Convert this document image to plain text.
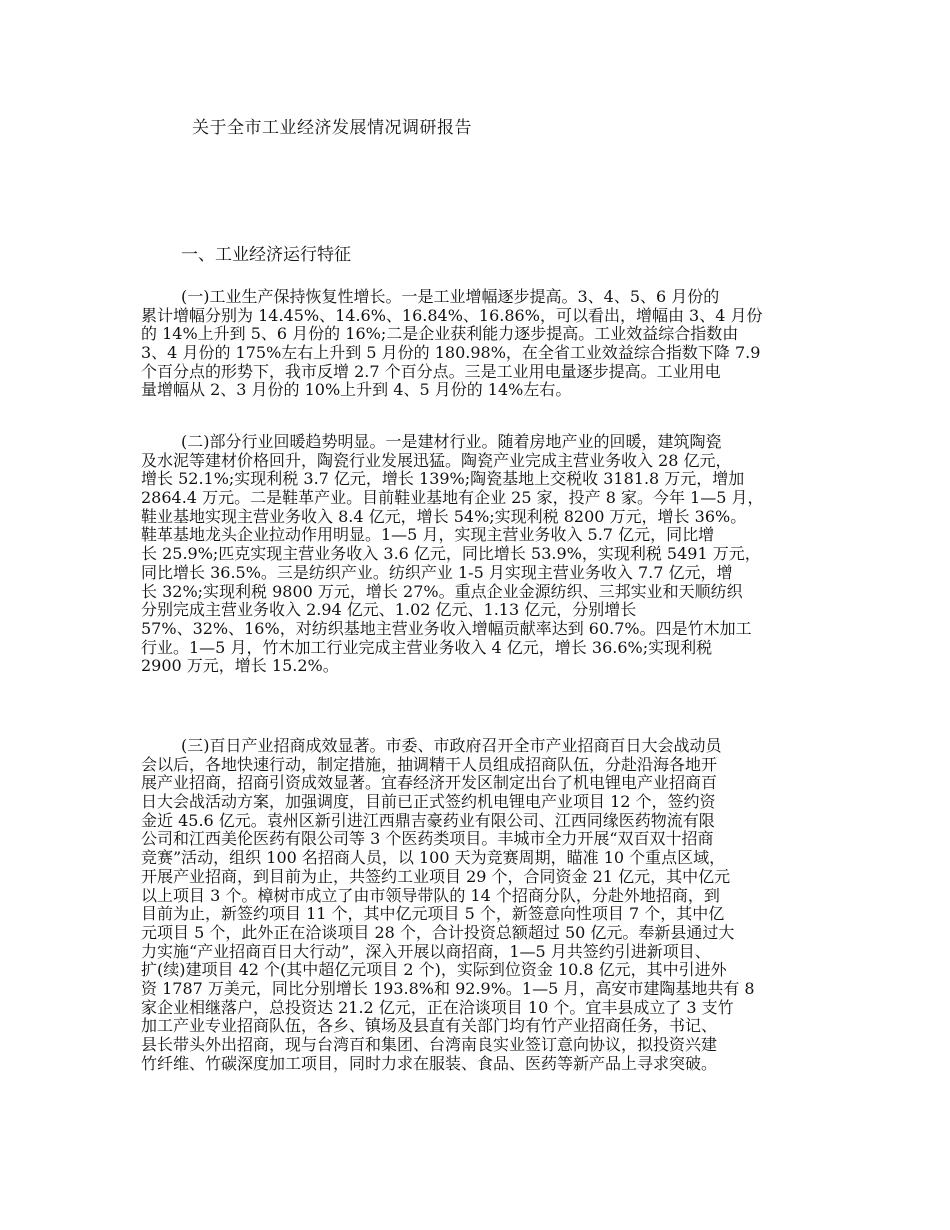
关于全市工业经济发展情况调研报告
一、工业经济运行特征
(一)工业生产保持恢复性增长。一是工业增幅逐步提高。3、4、5、6 月份的
累计增幅分别为 14.45%、14.6%、16.84%、16.86%，可以看出，增幅由 3、4 月份
的 14%上升到 5、6 月份的 16%;二是企业获利能力逐步提高。工业效益综合指数由
3、4 月份的 175%左右上升到 5 月份的 180.98%，在全省工业效益综合指数下降 7.9
个百分点的形势下，我市反增 2.7 个百分点。三是工业用电量逐步提高。工业用电
量增幅从 2、3 月份的 10%上升到 4、5 月份的 14%左右。
(二)部分行业回暖趋势明显。一是建材行业。随着房地产业的回暖，建筑陶瓷
及水泥等建材价格回升，陶瓷行业发展迅猛。陶瓷产业完成主营业务收入 28 亿元，
增长 52.1%;实现利税 3.7 亿元，增长 139%;陶瓷基地上交税收 3181.8 万元，增加
2864.4 万元。二是鞋革产业。目前鞋业基地有企业 25 家，投产 8 家。今年 1—5 月，
鞋业基地实现主营业务收入 8.4 亿元，增长 54%;实现利税 8200 万元，增长 36%。
鞋革基地龙头企业拉动作用明显。1—5 月，实现主营业务收入 5.7 亿元，同比增
长 25.9%;匹克实现主营业务收入 3.6 亿元，同比增长 53.9%，实现利税 5491 万元，
同比增长 36.5%。三是纺织产业。纺织产业 1-5 月实现主营业务收入 7.7 亿元，增
长 32%;实现利税 9800 万元，增长 27%。重点企业金源纺织、三邦实业和天顺纺织
分别完成主营业务收入 2.94 亿元、1.02 亿元、1.13 亿元，分别增长
57%、32%、16%，对纺织基地主营业务收入增幅贡献率达到 60.7%。四是竹木加工
行业。1—5 月，竹木加工行业完成主营业务收入 4 亿元，增长 36.6%;实现利税
2900 万元，增长 15.2%。
(三)百日产业招商成效显著。市委、市政府召开全市产业招商百日大会战动员
会以后，各地快速行动，制定措施，抽调精干人员组成招商队伍，分赴沿海各地开
展产业招商，招商引资成效显著。宜春经济开发区制定出台了机电锂电产业招商百
日大会战活动方案，加强调度，目前已正式签约机电锂电产业项目 12 个，签约资
金近 45.6 亿元。袁州区新引进江西鼎吉豪药业有限公司、江西同缘医药物流有限
公司和江西美伦医药有限公司等 3 个医药类项目。丰城市全力开展“双百双十招商
竞赛”活动，组织 100 名招商人员，以 100 天为竞赛周期，瞄准 10 个重点区域，
开展产业招商，到目前为止，共签约工业项目 29 个，合同资金 21 亿元，其中亿元
以上项目 3 个。樟树市成立了由市领导带队的 14 个招商分队，分赴外地招商，到
目前为止，新签约项目 11 个，其中亿元项目 5 个，新签意向性项目 7 个，其中亿
元项目 5 个，此外正在洽谈项目 28 个，合计投资总额超过 50 亿元。奉新县通过大
力实施“产业招商百日大行动”，深入开展以商招商，1—5 月共签约引进新项目、
扩(续)建项目 42 个(其中超亿元项目 2 个)，实际到位资金 10.8 亿元，其中引进外
资 1787 万美元，同比分别增长 193.8%和 92.9%。1—5 月，高安市建陶基地共有 8
家企业相继落户，总投资达 21.2 亿元，正在洽谈项目 10 个。宜丰县成立了 3 支竹
加工产业专业招商队伍，各乡、镇场及县直有关部门均有竹产业招商任务，书记、
县长带头外出招商，现与台湾百和集团、台湾南良实业签订意向协议，拟投资兴建
竹纤维、竹碳深度加工项目，同时力求在服装、食品、医药等新产品上寻求突破。
